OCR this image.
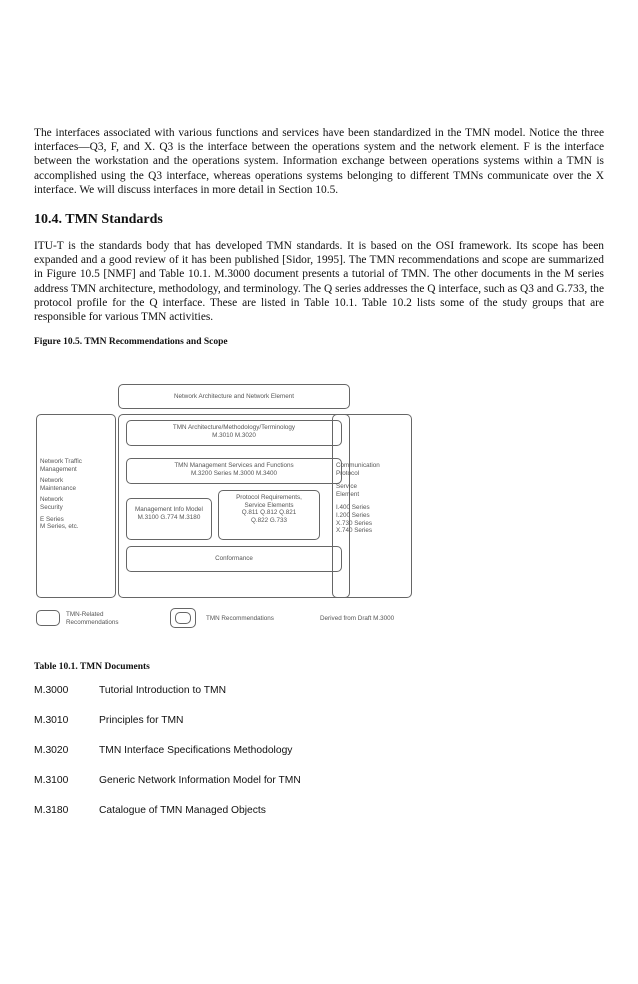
The interfaces associated with various functions and services have been standardized in the TMN model. Notice the three interfaces—Q3, F, and X. Q3 is the interface between the operations system and the network element. F is the interface between the workstation and the operations system. Information exchange between operations systems within a TMN is accomplished using the Q3 interface, whereas operations systems belonging to different TMNs communicate over the X interface. We will discuss interfaces in more detail in Section 10.5.

10.4. TMN Standards

ITU-T is the standards body that has developed TMN standards. It is based on the OSI framework. Its scope has been expanded and a good review of it has been published [Sidor, 1995]. The TMN recommendations and scope are summarized in Figure 10.5 [NMF] and Table 10.1. M.3000 document presents a tutorial of TMN. The other documents in the M series address TMN architecture, methodology, and terminology. The Q series addresses the Q interface, such as Q3 and G.733, the protocol profile for the Q interface. These are listed in Table 10.1. Table 10.2 lists some of the study groups that are responsible for various TMN activities.

Figure 10.5. TMN Recommendations and Scope

Network Architecture and Network Element
TMN Architecture/Methodology/Terminology
M.3010 M.3020
TMN Management Services and Functions
M.3200 Series M.3000 M.3400
Management Info Model
M.3100 G.774 M.3180
Protocol Requirements,
Service Elements
Q.811 Q.812 Q.821
Q.822 G.733
Conformance
Network Traffic
Management
Network
Maintenance
Network
Security
E Series
M Series, etc.
Communication
Protocol
Service
Element
I.400 Series
I.200 Series
X.730 Series
X.740 Series
TMN-Related
Recommendations
TMN Recommendations	Derived from Draft M.3000
Table 10.1. TMN Documents
M.3000	Tutorial Introduction to TMN
M.3010	Principles for TMN
M.3020	TMN Interface Specifications Methodology
M.3100	Generic Network Information Model for TMN
M.3180	Catalogue of TMN Managed Objects
